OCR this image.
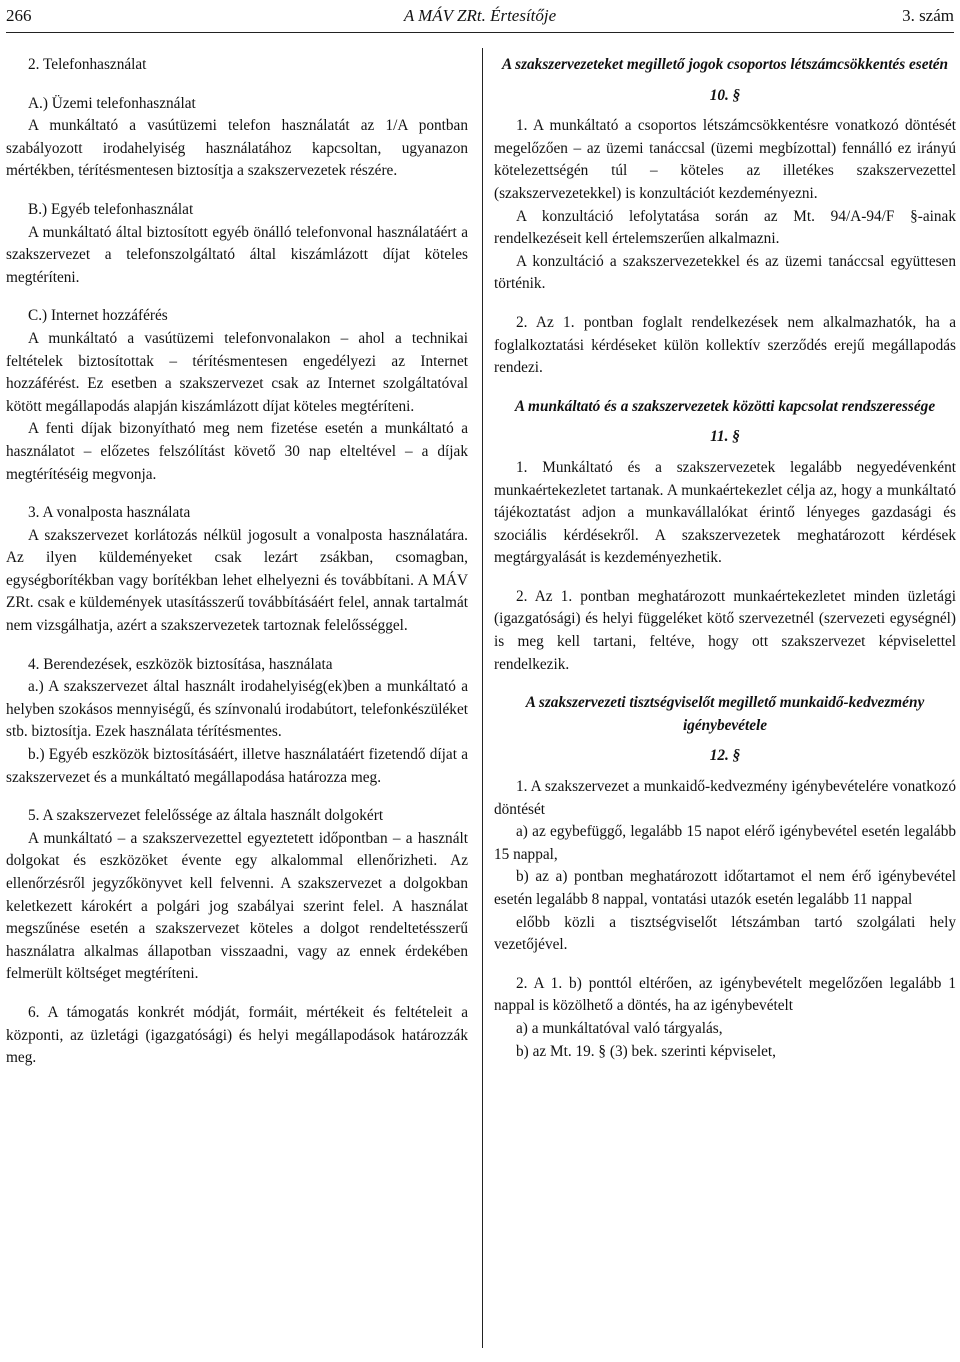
266	A MÁV ZRt. Értesítője	3. szám

2. Telefonhasználat

A.) Üzemi telefonhasználat

A munkáltató a vasútüzemi telefon használatát az 1/A pontban szabályozott irodahelyiség használatához kapcsoltan, ugyanazon mértékben, térítésmentesen biztosítja a szakszervezetek részére.

B.) Egyéb telefonhasználat

A munkáltató által biztosított egyéb önálló telefonvonal használatáért a szakszervezet a telefonszolgáltató által kiszámlázott díjat köteles megtéríteni.

C.) Internet hozzáférés

A munkáltató a vasútüzemi telefonvonalakon – ahol a technikai feltételek biztosítottak – térítésmentesen engedélyezi az Internet hozzáférést. Ez esetben a szakszervezet csak az Internet szolgáltatóval kötött megállapodás alapján kiszámlázott díjat köteles megtéríteni.

A fenti díjak bizonyítható meg nem fizetése esetén a munkáltató a használatot – előzetes felszólítást követő 30 nap elteltével – a díjak megtérítéséig megvonja.

3. A vonalposta használata

A szakszervezet korlátozás nélkül jogosult a vonalposta használatára. Az ilyen küldeményeket csak lezárt zsákban, csomagban, egységborítékban vagy borítékban lehet elhelyezni és továbbítani. A MÁV ZRt. csak e küldemények utasításszerű továbbításáért felel, annak tartalmát nem vizsgálhatja, azért a szakszervezetek tartoznak felelősséggel.

4. Berendezések, eszközök biztosítása, használata

a.) A szakszervezet által használt irodahelyiség(ek)ben a munkáltató a helyben szokásos mennyiségű, és színvonalú irodabútort, telefonkészüléket stb. biztosítja. Ezek használata térítésmentes.

b.) Egyéb eszközök biztosításáért, illetve használatáért fizetendő díjat a szakszervezet és a munkáltató megállapodása határozza meg.

5. A szakszervezet felelőssége az általa használt dolgokért

A munkáltató – a szakszervezettel egyeztetett időpontban – a használt dolgokat és eszközöket évente egy alkalommal ellenőrizheti. Az ellenőrzésről jegyzőkönyvet kell felvenni. A szakszervezet a dolgokban keletkezett károkért a polgári jog szabályai szerint felel. A használat megszűnése esetén a szakszervezet köteles a dolgot rendeltetésszerű használatra alkalmas állapotban visszaadni, vagy az ennek érdekében felmerült költséget megtéríteni.

6. A támogatás konkrét módját, formáit, mértékeit és feltételeit a központi, az üzletági (igazgatósági) és helyi megállapodások határozzák meg.

A szakszervezeteket megillető jogok csoportos létszámcsökkentés esetén

10. §

1. A munkáltató a csoportos létszámcsökkentésre vonatkozó döntését megelőzően – az üzemi tanáccsal (üzemi megbízottal) fennálló ez irányú kötelezettségén túl – köteles az illetékes szakszervezettel (szakszervezetekkel) is konzultációt kezdeményezni.

A konzultáció lefolytatása során az Mt. 94/A-94/F §-ainak rendelkezéseit kell értelemszerűen alkalmazni.

A konzultáció a szakszervezetekkel és az üzemi tanáccsal együttesen történik.

2. Az 1. pontban foglalt rendelkezések nem alkalmazhatók, ha a foglalkoztatási kérdéseket külön kollektív szerződés erejű megállapodás rendezi.

A munkáltató és a szakszervezetek közötti kapcsolat rendszeressége

11. §

1. Munkáltató és a szakszervezetek legalább negyedévenként munkaértekezletet tartanak. A munkaértekezlet célja az, hogy a munkáltató tájékoztatást adjon a munkavállalókat érintő lényeges gazdasági és szociális kérdésekről. A szakszervezetek meghatározott kérdések megtárgyalását is kezdeményezhetik.

2. Az 1. pontban meghatározott munkaértekezletet minden üzletági (igazgatósági) és helyi függeléket kötő szervezetnél (szervezeti egységnél) is meg kell tartani, feltéve, hogy ott szakszervezet képviselettel rendelkezik.

A szakszervezeti tisztségviselőt megillető munkaidő-kedvezmény igénybevétele

12. §

1. A szakszervezet a munkaidő-kedvezmény igénybevételére vonatkozó döntését

a) az egybefüggő, legalább 15 napot elérő igénybevétel esetén legalább 15 nappal,

b) az a) pontban meghatározott időtartamot el nem érő igénybevétel esetén legalább 8 nappal, vontatási utazók esetén legalább 11 nappal

előbb közli a tisztségviselőt létszámban tartó szolgálati hely vezetőjével.

2. A 1. b) ponttól eltérően, az igénybevételt megelőzően legalább 1 nappal is közölhető a döntés, ha az igénybevételt

a) a munkáltatóval való tárgyalás,

b) az Mt. 19. § (3) bek. szerinti képviselet,
